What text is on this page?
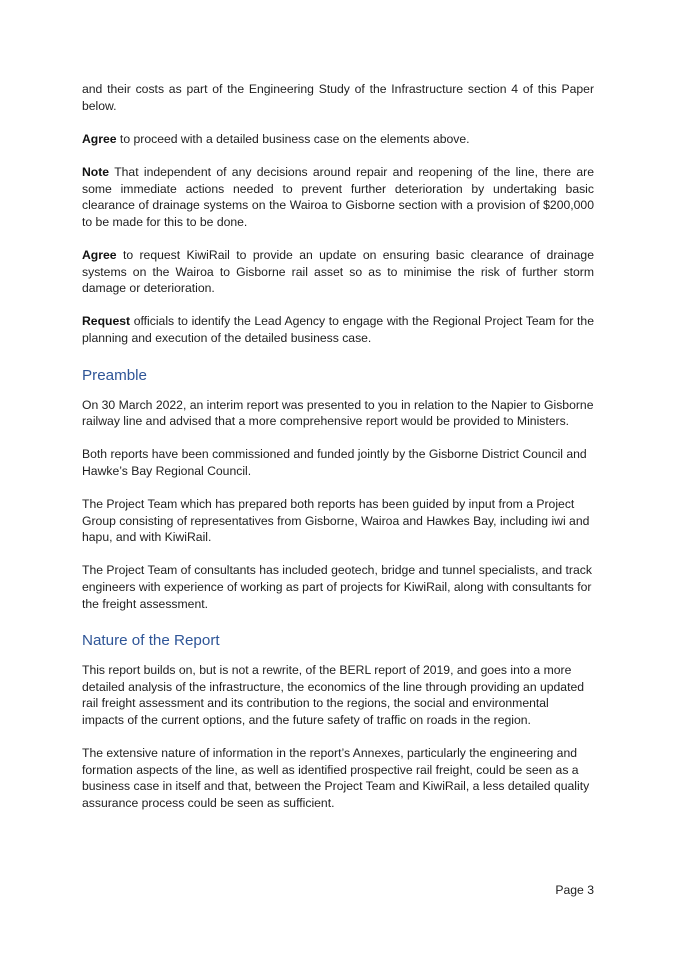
and their costs as part of the Engineering Study of the Infrastructure section 4 of this Paper below.

Agree to proceed with a detailed business case on the elements above.

Note That independent of any decisions around repair and reopening of the line, there are some immediate actions needed to prevent further deterioration by undertaking basic clearance of drainage systems on the Wairoa to Gisborne section with a provision of $200,000 to be made for this to be done.

Agree to request KiwiRail to provide an update on ensuring basic clearance of drainage systems on the Wairoa to Gisborne rail asset so as to minimise the risk of further storm damage or deterioration.

Request officials to identify the Lead Agency to engage with the Regional Project Team for the planning and execution of the detailed business case.

Preamble

On 30 March 2022, an interim report was presented to you in relation to the Napier to Gisborne railway line and advised that a more comprehensive report would be provided to Ministers.

Both reports have been commissioned and funded jointly by the Gisborne District Council and Hawke’s Bay Regional Council.

The Project Team which has prepared both reports has been guided by input from a Project Group consisting of representatives from Gisborne, Wairoa and Hawkes Bay, including iwi and hapu, and with KiwiRail.

The Project Team of consultants has included geotech, bridge and tunnel specialists, and track engineers with experience of working as part of projects for KiwiRail, along with consultants for the freight assessment.

Nature of the Report

This report builds on, but is not a rewrite, of the BERL report of 2019, and goes into a more detailed analysis of the infrastructure, the economics of the line through providing an updated rail freight assessment and its contribution to the regions, the social and environmental impacts of the current options, and the future safety of traffic on roads in the region.

The extensive nature of information in the report’s Annexes, particularly the engineering and formation aspects of the line, as well as identified prospective rail freight, could be seen as a business case in itself and that, between the Project Team and KiwiRail, a less detailed quality assurance process could be seen as sufficient.

Page 3
